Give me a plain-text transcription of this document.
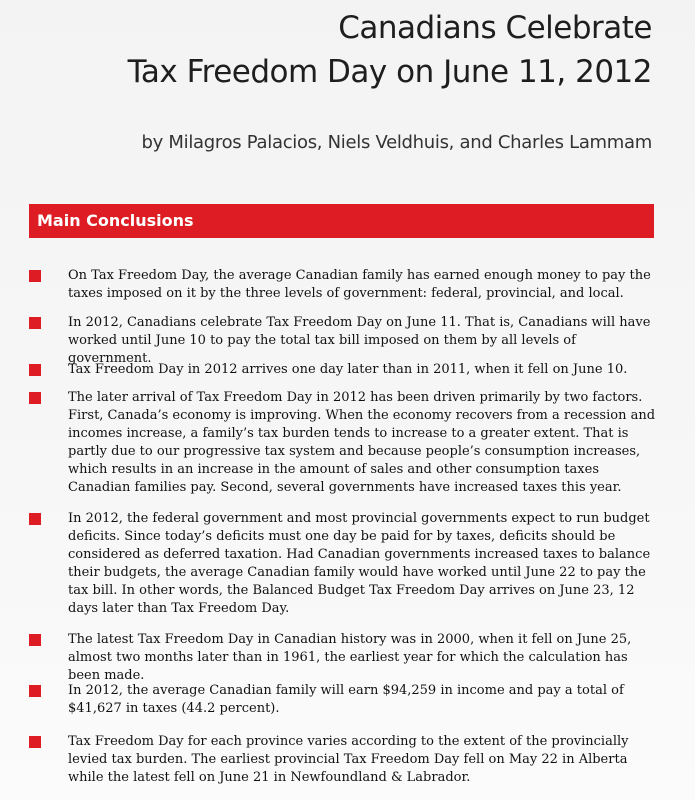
Canadians Celebrate
Tax Freedom Day on June 11, 2012
by Milagros Palacios, Niels Veldhuis, and Charles Lammam
Main Conclusions
On Tax Freedom Day, the average Canadian family has earned enough money to pay the taxes imposed on it by the three levels of government: federal, provincial, and local.
In 2012, Canadians celebrate Tax Freedom Day on June 11. That is, Canadians will have worked until June 10 to pay the total tax bill imposed on them by all levels of government.
Tax Freedom Day in 2012 arrives one day later than in 2011, when it fell on June 10.
The later arrival of Tax Freedom Day in 2012 has been driven primarily by two factors. First, Canada’s economy is improving. When the economy recovers from a recession and incomes increase, a family’s tax burden tends to increase to a greater extent. That is partly due to our progressive tax system and because people’s consumption increases, which results in an increase in the amount of sales and other consumption taxes Canadian families pay. Second, several governments have increased taxes this year.
In 2012, the federal government and most provincial governments expect to run budget deficits. Since today’s deficits must one day be paid for by taxes, deficits should be considered as deferred taxation. Had Canadian governments increased taxes to balance their budgets, the average Canadian family would have worked until June 22 to pay the tax bill. In other words, the Balanced Budget Tax Freedom Day arrives on June 23, 12 days later than Tax Freedom Day.
The latest Tax Freedom Day in Canadian history was in 2000, when it fell on June 25, almost two months later than in 1961, the earliest year for which the calculation has been made.
In 2012, the average Canadian family will earn $94,259 in income and pay a total of $41,627 in taxes (44.2 percent).
Tax Freedom Day for each province varies according to the extent of the provincially levied tax burden. The earliest provincial Tax Freedom Day fell on May 22 in Alberta while the latest fell on June 21 in Newfoundland & Labrador.
